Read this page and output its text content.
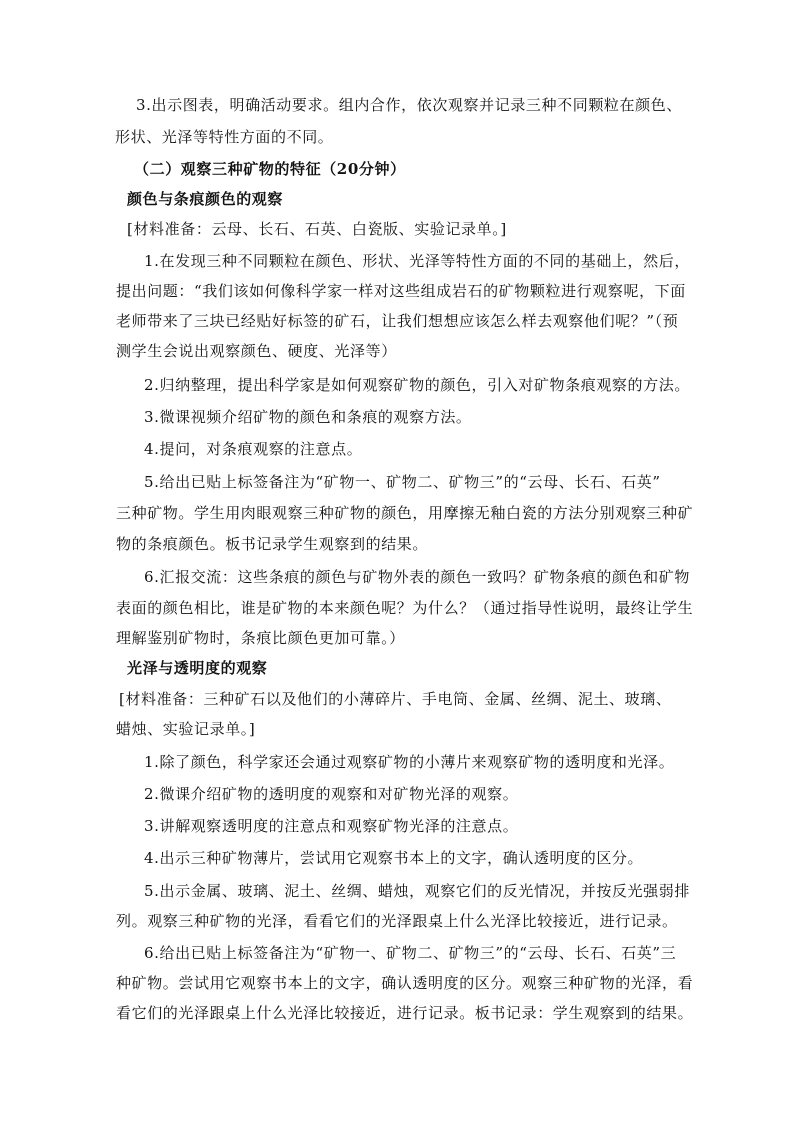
3.出示图表，明确活动要求。组内合作，依次观察并记录三种不同颗粒在颜色、
形状、光泽等特性方面的不同。
（二）观察三种矿物的特征（20分钟）
颜色与条痕颜色的观察
[材料准备：云母、长石、石英、白瓷版、实验记录单。]
1.在发现三种不同颗粒在颜色、形状、光泽等特性方面的不同的基础上，然后，
提出问题：“我们该如何像科学家一样对这些组成岩石的矿物颗粒进行观察呢，下面
老师带来了三块已经贴好标签的矿石，让我们想想应该怎么样去观察他们呢？”（预
测学生会说出观察颜色、硬度、光泽等）
2.归纳整理，提出科学家是如何观察矿物的颜色，引入对矿物条痕观察的方法。
3.微课视频介绍矿物的颜色和条痕的观察方法。
4.提问，对条痕观察的注意点。
5.给出已贴上标签备注为“矿物一、矿物二、矿物三”的“云母、长石、石英”
三种矿物。学生用肉眼观察三种矿物的颜色，用摩擦无釉白瓷的方法分别观察三种矿
物的条痕颜色。板书记录学生观察到的结果。
6.汇报交流：这些条痕的颜色与矿物外表的颜色一致吗？矿物条痕的颜色和矿物
表面的颜色相比，谁是矿物的本来颜色呢？为什么？（通过指导性说明，最终让学生
理解鉴别矿物时，条痕比颜色更加可靠。）
光泽与透明度的观察
[材料准备：三种矿石以及他们的小薄碎片、手电筒、金属、丝绸、泥土、玻璃、
蜡烛、实验记录单。]
1.除了颜色，科学家还会通过观察矿物的小薄片来观察矿物的透明度和光泽。
2.微课介绍矿物的透明度的观察和对矿物光泽的观察。
3.讲解观察透明度的注意点和观察矿物光泽的注意点。
4.出示三种矿物薄片，尝试用它观察书本上的文字，确认透明度的区分。
5.出示金属、玻璃、泥土、丝绸、蜡烛，观察它们的反光情况，并按反光强弱排
列。观察三种矿物的光泽，看看它们的光泽跟桌上什么光泽比较接近，进行记录。
6.给出已贴上标签备注为“矿物一、矿物二、矿物三”的“云母、长石、石英”三
种矿物。尝试用它观察书本上的文字，确认透明度的区分。观察三种矿物的光泽，看
看它们的光泽跟桌上什么光泽比较接近，进行记录。板书记录：学生观察到的结果。
